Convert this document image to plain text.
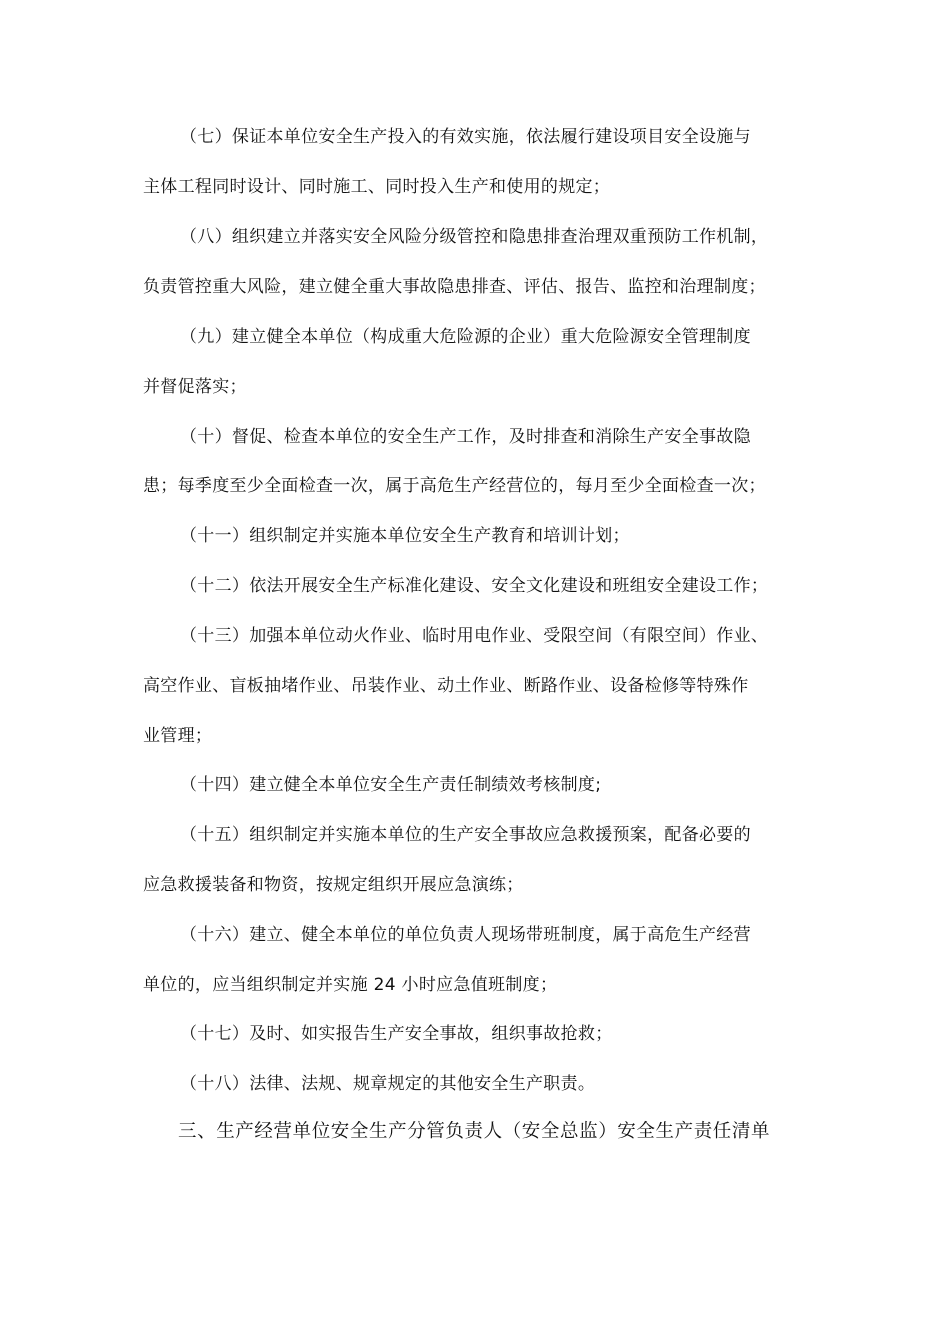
（七）保证本单位安全生产投入的有效实施，依法履行建设项目安全设施与
主体工程同时设计、同时施工、同时投入生产和使用的规定；
（八）组织建立并落实安全风险分级管控和隐患排查治理双重预防工作机制，
负责管控重大风险，建立健全重大事故隐患排查、评估、报告、监控和治理制度；
（九）建立健全本单位（构成重大危险源的企业）重大危险源安全管理制度
并督促落实；
（十）督促、检查本单位的安全生产工作，及时排查和消除生产安全事故隐
患；每季度至少全面检查一次，属于高危生产经营位的，每月至少全面检查一次；
（十一）组织制定并实施本单位安全生产教育和培训计划；
（十二）依法开展安全生产标准化建设、安全文化建设和班组安全建设工作；
（十三）加强本单位动火作业、临时用电作业、受限空间（有限空间）作业、
高空作业、盲板抽堵作业、吊装作业、动土作业、断路作业、设备检修等特殊作
业管理；
（十四）建立健全本单位安全生产责任制绩效考核制度;
（十五）组织制定并实施本单位的生产安全事故应急救援预案，配备必要的
应急救援装备和物资，按规定组织开展应急演练；
（十六）建立、健全本单位的单位负责人现场带班制度，属于高危生产经营
单位的，应当组织制定并实施 24 小时应急值班制度；
（十七）及时、如实报告生产安全事故，组织事故抢救；
（十八）法律、法规、规章规定的其他安全生产职责。
三、生产经营单位安全生产分管负责人（安全总监）安全生产责任清单
